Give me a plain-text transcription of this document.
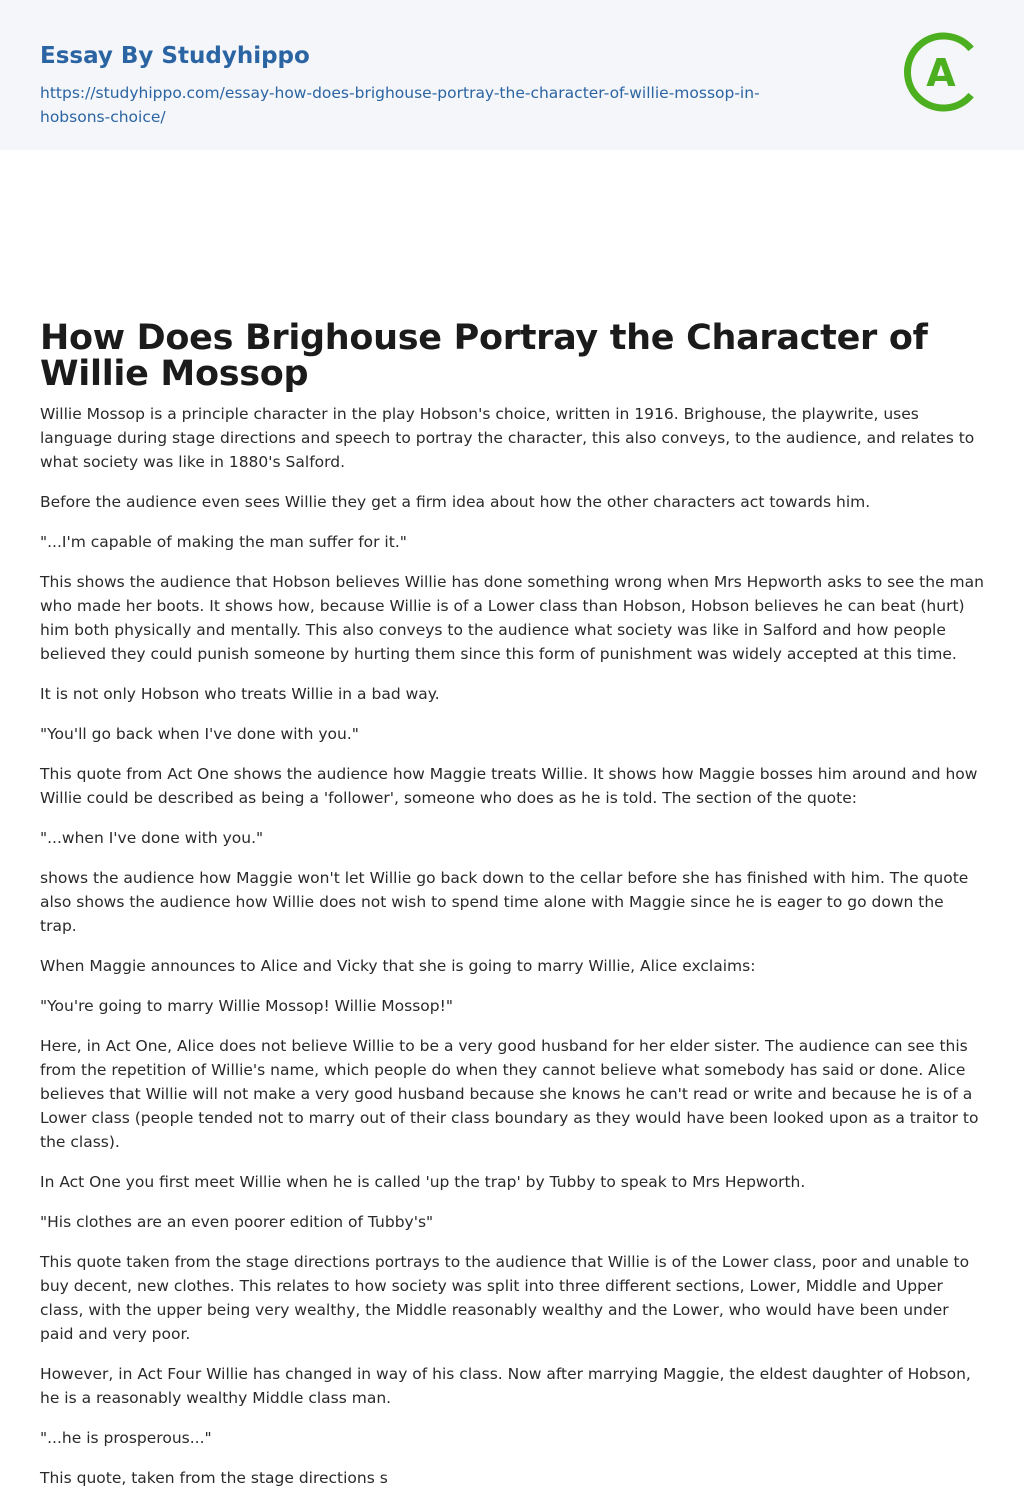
Essay By Studyhippo
https://studyhippo.com/essay-how-does-brighouse-portray-the-character-of-willie-mossop-in-
hobsons-choice/
A
How Does Brighouse Portray the Character of Willie Mossop

Willie Mossop is a principle character in the play Hobson's choice, written in 1916. Brighouse, the playwrite, uses language during stage directions and speech to portray the character, this also conveys, to the audience, and relates to what society was like in 1880's Salford.

Before the audience even sees Willie they get a firm idea about how the other characters act towards him.

"...I'm capable of making the man suffer for it."

This shows the audience that Hobson believes Willie has done something wrong when Mrs Hepworth asks to see the man who made her boots. It shows how, because Willie is of a Lower class than Hobson, Hobson believes he can beat (hurt) him both physically and mentally. This also conveys to the audience what society was like in Salford and how people believed they could punish someone by hurting them since this form of punishment was widely accepted at this time.

It is not only Hobson who treats Willie in a bad way.

"You'll go back when I've done with you."

This quote from Act One shows the audience how Maggie treats Willie. It shows how Maggie bosses him around and how Willie could be described as being a 'follower', someone who does as he is told. The section of the quote:

"...when I've done with you."

shows the audience how Maggie won't let Willie go back down to the cellar before she has finished with him. The quote also shows the audience how Willie does not wish to spend time alone with Maggie since he is eager to go down the trap.

When Maggie announces to Alice and Vicky that she is going to marry Willie, Alice exclaims:

"You're going to marry Willie Mossop! Willie Mossop!"

Here, in Act One, Alice does not believe Willie to be a very good husband for her elder sister. The audience can see this from the repetition of Willie's name, which people do when they cannot believe what somebody has said or done. Alice believes that Willie will not make a very good husband because she knows he can't read or write and because he is of a Lower class (people tended not to marry out of their class boundary as they would have been looked upon as a traitor to the class).

In Act One you first meet Willie when he is called 'up the trap' by Tubby to speak to Mrs Hepworth.

"His clothes are an even poorer edition of Tubby's"

This quote taken from the stage directions portrays to the audience that Willie is of the Lower class, poor and unable to buy decent, new clothes. This relates to how society was split into three different sections, Lower, Middle and Upper class, with the upper being very wealthy, the Middle reasonably wealthy and the Lower, who would have been under paid and very poor.

However, in Act Four Willie has changed in way of his class. Now after marrying Maggie, the eldest daughter of Hobson, he is a reasonably wealthy Middle class man.

"...he is prosperous..."

This quote, taken from the stage directions s
